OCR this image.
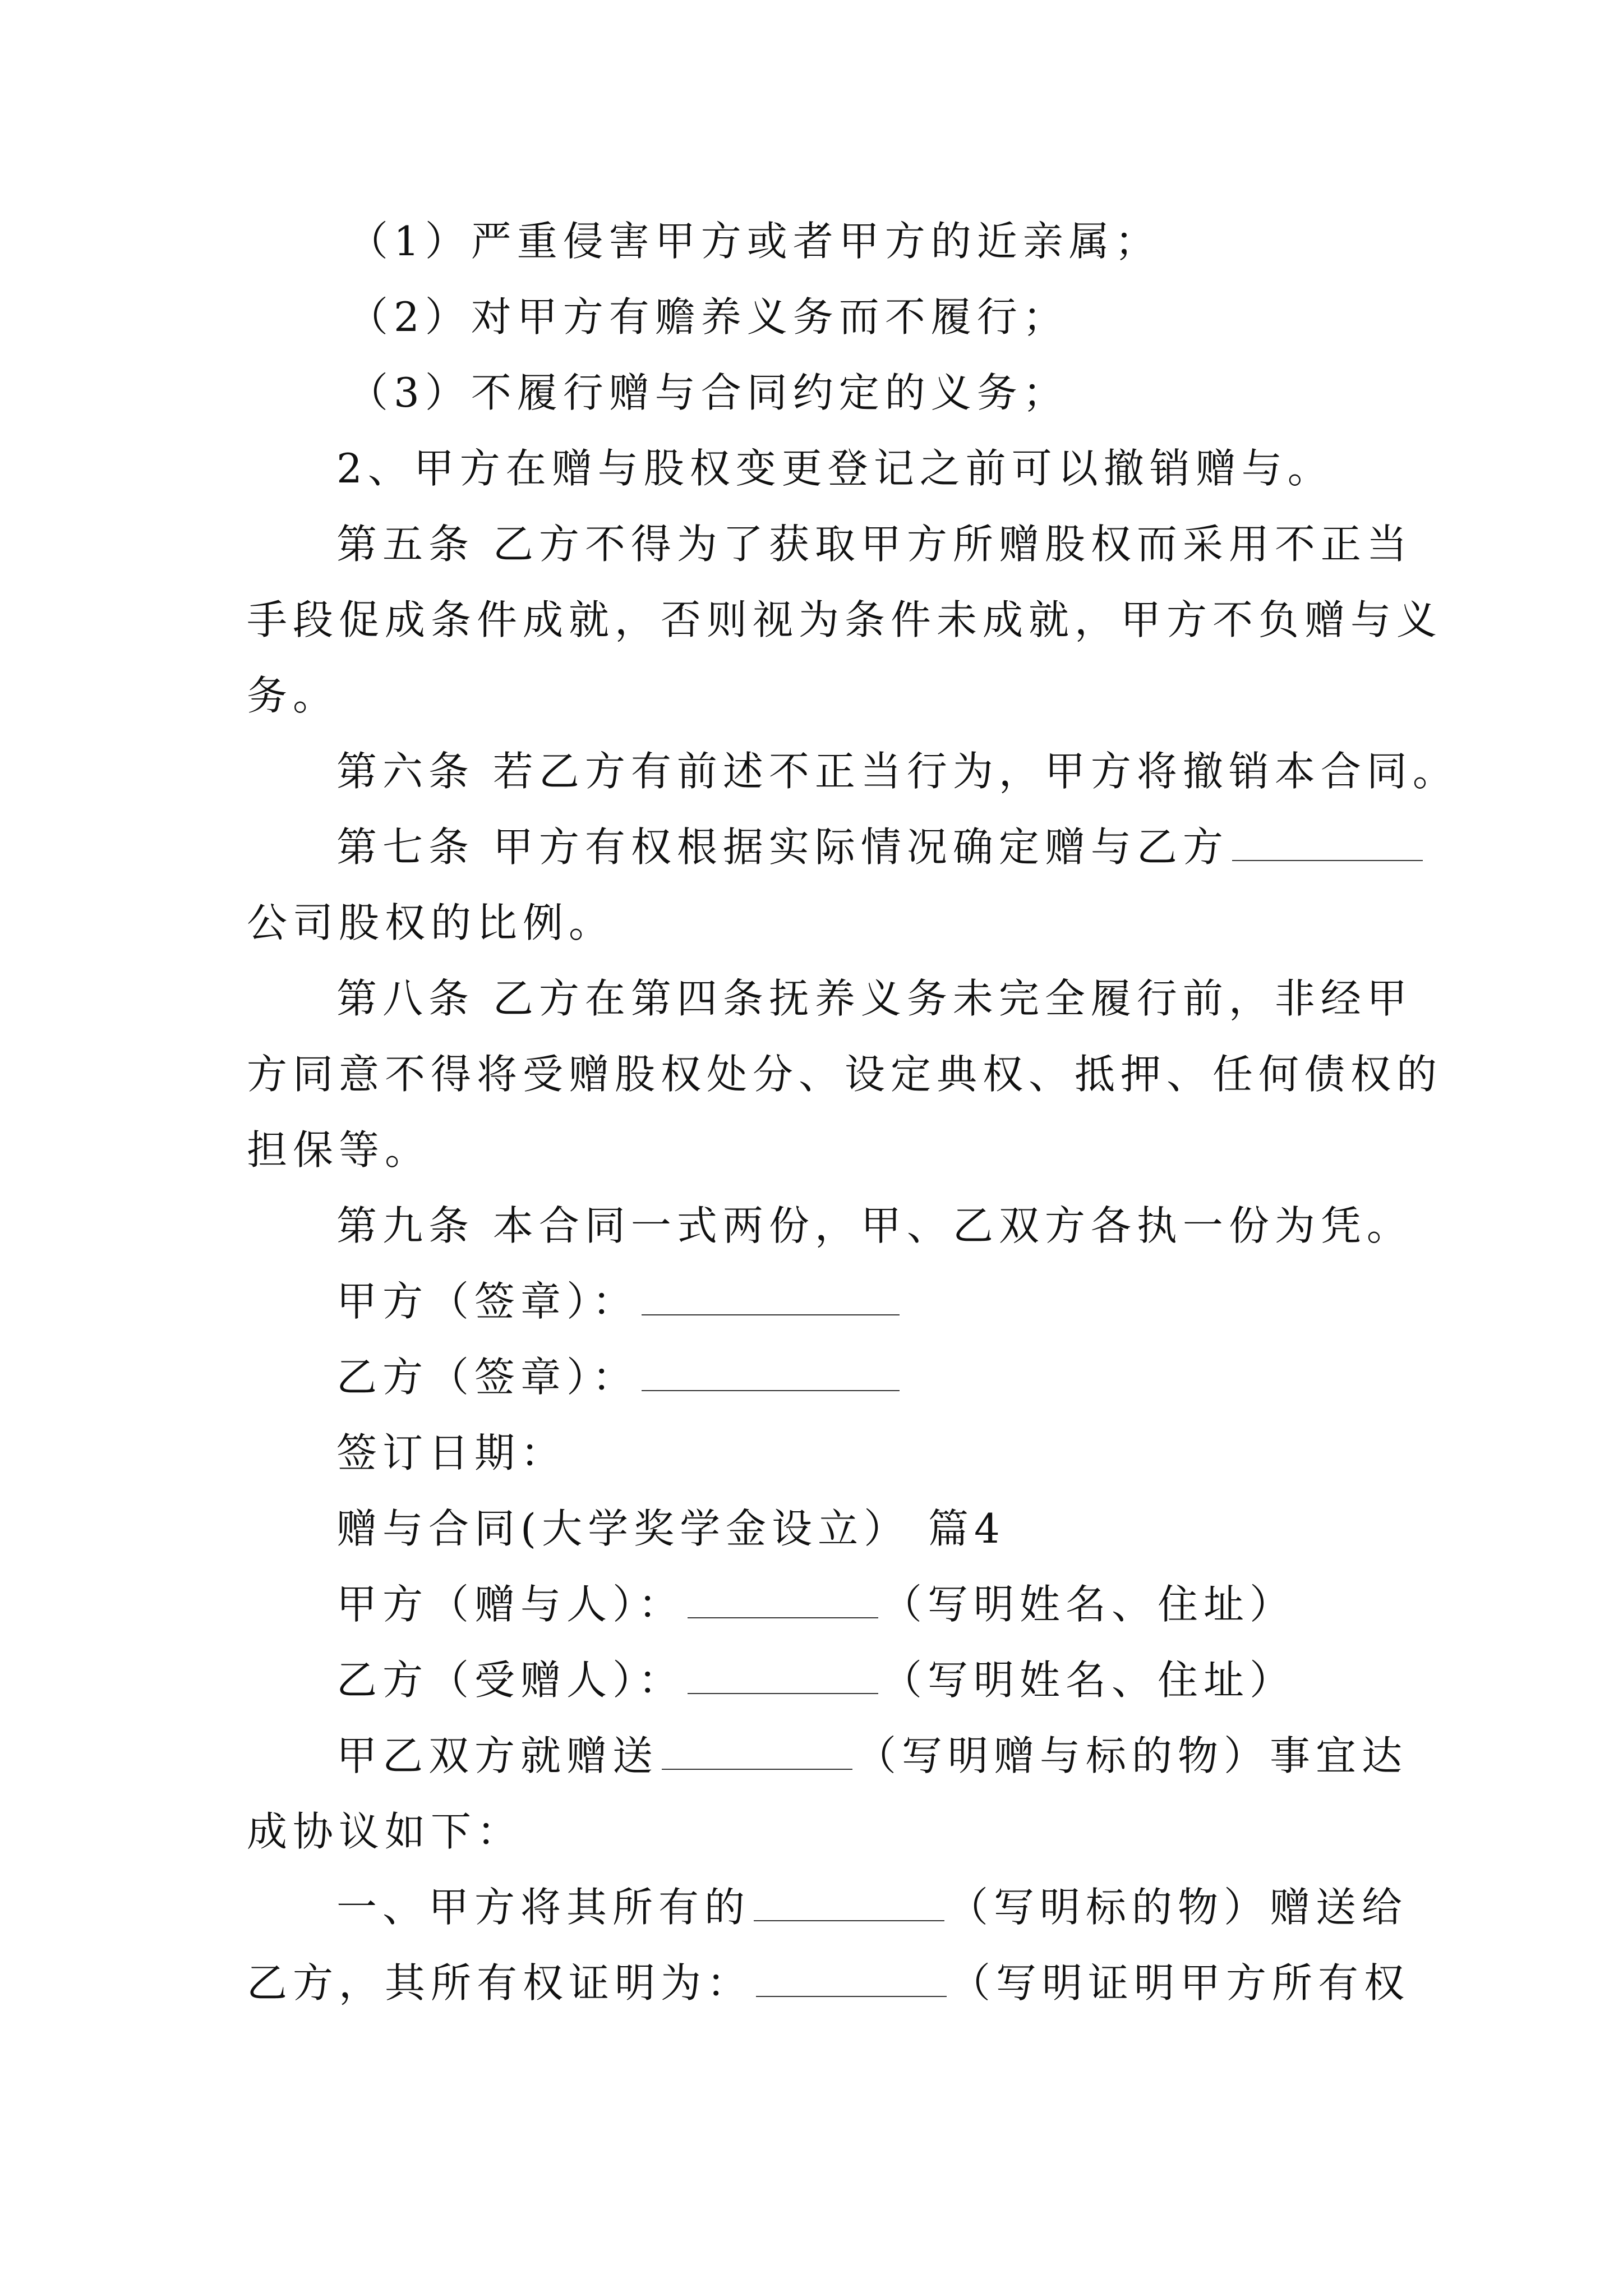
（1）严重侵害甲方或者甲方的近亲属；
（2）对甲方有赡养义务而不履行；
（3）不履行赠与合同约定的义务；
2、甲方在赠与股权变更登记之前可以撤销赠与。
第五条 乙方不得为了获取甲方所赠股权而采用不正当
手段促成条件成就，否则视为条件未成就，甲方不负赠与义
务。
第六条 若乙方有前述不正当行为，甲方将撤销本合同。
第七条 甲方有权根据实际情况确定赠与乙方
公司股权的比例。
第八条 乙方在第四条抚养义务未完全履行前，非经甲
方同意不得将受赠股权处分、设定典权、抵押、任何债权的
担保等。
第九条 本合同一式两份，甲、乙双方各执一份为凭。
甲方（签章）：
乙方（签章）：
签订日期：
赠与合同(大学奖学金设立） 篇4
甲方（赠与人）：	（写明姓名、住址）
乙方（受赠人）：	（写明姓名、住址）
甲乙双方就赠送	（写明赠与标的物）事宜达
成协议如下：
一、甲方将其所有的	（写明标的物）赠送给
乙方，其所有权证明为：	（写明证明甲方所有权
